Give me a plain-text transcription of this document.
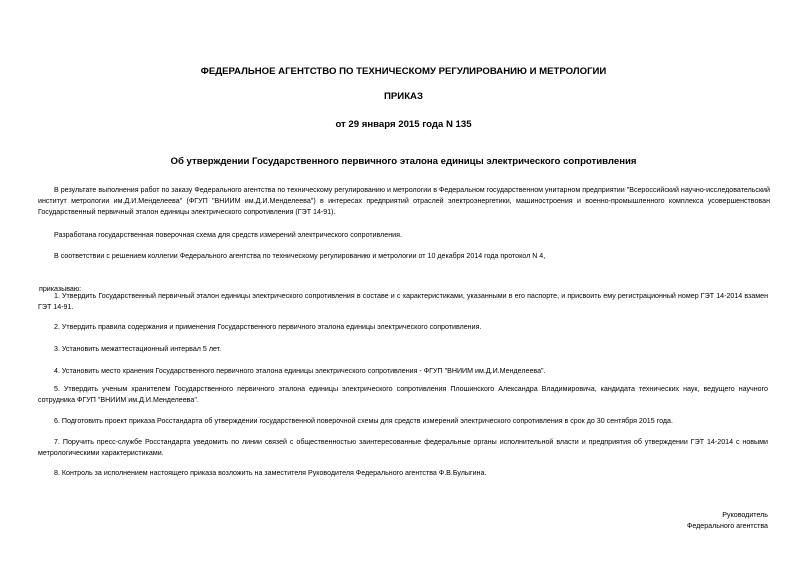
ФЕДЕРАЛЬНОЕ АГЕНТСТВО ПО ТЕХНИЧЕСКОМУ РЕГУЛИРОВАНИЮ И МЕТРОЛОГИИ
ПРИКАЗ
от 29 января 2015 года N 135
Об утверждении Государственного первичного эталона единицы электрического сопротивления
В результате выполнения работ по заказу Федерального агентства по техническому регулированию и метрологии в Федеральном государственном унитарном предприятии "Всероссийский научно-исследовательский институт метрологии им.Д.И.Менделеева" (ФГУП "ВНИИМ им.Д.И.Менделеева") в интересах предприятий отраслей электроэнергетики, машиностроения и военно-промышленного комплекса усовершенствован Государственный первичный эталон единицы электрического сопротивления (ГЭТ 14-91).
Разработана государственная поверочная схема для средств измерений электрического сопротивления.
В соответствии с решением коллегии Федерального агентства по техническому регулированию и метрологии от 10 декабря 2014 года протокол N 4,
приказываю:
1. Утвердить Государственный первичный эталон единицы электрического сопротивления в составе и с характеристиками, указанными в его паспорте, и присвоить ему регистрационный номер ГЭТ 14-2014 взамен ГЭТ 14-91.
2. Утвердить правила содержания и применения Государственного первичного эталона единицы электрического сопротивления.
3. Установить межаттестационный интервал 5 лет.
4. Установить место хранения Государственного первичного эталона единицы электрического сопротивления - ФГУП "ВНИИМ им.Д.И.Менделеева".
5. Утвердить ученым хранителем Государственного первичного эталона единицы электрического сопротивления Плошинского Александра Владимировича, кандидата технических наук, ведущего научного сотрудника ФГУП "ВНИИМ им.Д.И.Менделеева".
6. Подготовить проект приказа Росстандарта об утверждении государственной поверочной схемы для средств измерений электрического сопротивления в срок до 30 сентября 2015 года.
7. Поручить пресс-службе Росстандарта уведомить по линии связей с общественностью заинтересованные федеральные органы исполнительной власти и предприятия об утверждении ГЭТ 14-2014 с новыми метрологическими характеристиками.
8. Контроль за исполнением настоящего приказа возложить на заместителя Руководителя Федерального агентства Ф.В.Булыгина.
Руководитель
Федерального агентства
